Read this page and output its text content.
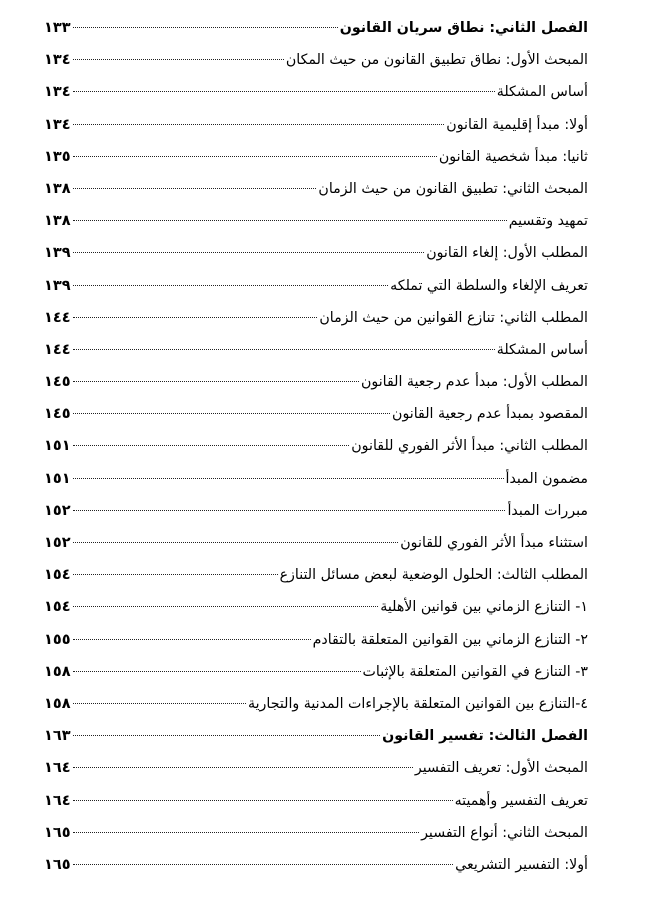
الفصل الثاني: نطاق سريان القانون
١٣٣
المبحث الأول: نطاق تطبيق القانون من حيث المكان
١٣٤
أساس المشكلة
١٣٤
أولا: مبدأ إقليمية القانون
١٣٤
ثانيا: مبدأ شخصية القانون
١٣٥
المبحث الثاني: تطبيق القانون من حيث الزمان
١٣٨
تمهيد وتقسيم
١٣٨
المطلب الأول: إلغاء القانون
١٣٩
تعريف الإلغاء والسلطة التي تملكه
١٣٩
المطلب الثاني: تنازع القوانين من حيث الزمان
١٤٤
أساس المشكلة
١٤٤
المطلب الأول: مبدأ عدم رجعية القانون
١٤٥
المقصود بمبدأ عدم رجعية القانون
١٤٥
المطلب الثاني: مبدأ الأثر الفوري للقانون
١٥١
مضمون المبدأ
١٥١
مبررات المبدأ
١٥٢
استثناء مبدأ الأثر الفوري للقانون
١٥٢
المطلب الثالث: الحلول الوضعية لبعض مسائل التنازع
١٥٤
١- التنازع الزماني بين قوانين الأهلية
١٥٤
٢- التنازع الزماني بين القوانين المتعلقة بالتقادم
١٥٥
٣- التنازع في القوانين المتعلقة بالإثبات
١٥٨
٤-التنازع بين القوانين المتعلقة بالإجراءات المدنية والتجارية
١٥٨
الفصل الثالث: تفسير القانون
١٦٣
المبحث الأول: تعريف التفسير
١٦٤
تعريف التفسير وأهميته
١٦٤
المبحث الثاني: أنواع التفسير
١٦٥
أولا: التفسير التشريعي
١٦٥
